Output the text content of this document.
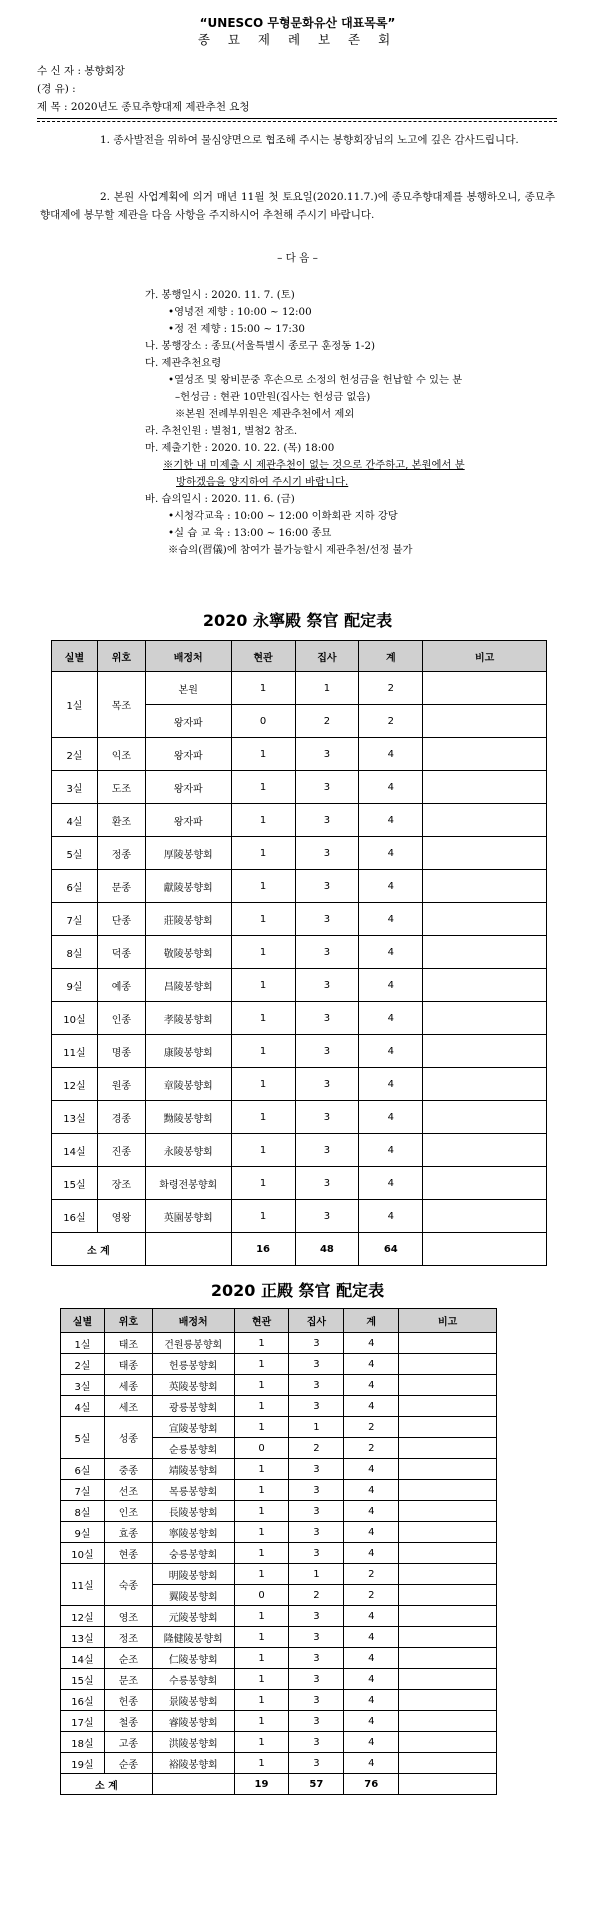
“UNESCO 무형문화유산 대표목록”
종 묘 제 례 보 존 회
수 신 자 : 봉향회장
(경 유) :
제 목 : 2020년도 종묘추향대제 제관추천 요청
1. 종사발전을 위하여 물심양면으로 협조해 주시는 봉향회장님의 노고에 깊은 감사드립니다.
2. 본원 사업계획에 의거 매년 11월 첫 토요일(2020.11.7.)에 종묘추향대제를 봉행하오니, 종묘추향대제에 봉무할 제관을 다음 사항을 주지하시어 추천해 주시기 바랍니다.
– 다 음 –
가. 봉행일시 : 2020. 11. 7. (토)
•영녕전 제향 : 10:00 ~ 12:00
•정 전 제향 : 15:00 ~ 17:30
나. 봉행장소 : 종묘(서울특별시 종로구 훈정동 1-2)
다. 제관추천요령
•열성조 및 왕비문중 후손으로 소정의 헌성금을 헌납할 수 있는 분
–헌성금 : 현관 10만원(집사는 헌성금 없음)
※본원 전례부위원은 제관추천에서 제외
라. 추천인원 : 별첨1, 별첨2 참조.
마. 제출기한 : 2020. 10. 22. (목) 18:00
※기한 내 미제출 시 제관추천이 없는 것으로 간주하고, 본원에서 분
방하겠음을 양지하여 주시기 바랍니다.
바. 습의일시 : 2020. 11. 6. (금)
•시청각교육 : 10:00 ~ 12:00 이화회관 지하 강당
•실 습 교 육 : 13:00 ~ 16:00 종묘
※습의(習儀)에 참여가 불가능할시 제관추천/선정 불가
2020 永寧殿 祭官 配定表
실별	위호	배정처	현관	집사	계	비고
1실	목조	본원	1	1	2	
		왕자파	0	2	2	
2실	익조	왕자파	1	3	4	
3실	도조	왕자파	1	3	4	
4실	환조	왕자파	1	3	4	
5실	정종	厚陵봉향회	1	3	4	
6실	문종	獻陵봉향회	1	3	4	
7실	단종	莊陵봉향회	1	3	4	
8실	덕종	敬陵봉향회	1	3	4	
9실	예종	昌陵봉향회	1	3	4	
10실	인종	孝陵봉향회	1	3	4	
11실	명종	康陵봉향회	1	3	4	
12실	원종	章陵봉향회	1	3	4	
13실	경종	黝陵봉향회	1	3	4	
14실	진종	永陵봉향회	1	3	4	
15실	장조	화령전봉향회	1	3	4	
16실	영왕	英園봉향회	1	3	4	
소 계			16	48	64	
2020 正殿 祭官 配定表
실별	위호	배정처	현관	집사	계	비고
1실	태조	건원릉봉향회	1	3	4	
2실	태종	헌릉봉향회	1	3	4	
3실	세종	英陵봉향회	1	3	4	
4실	세조	광릉봉향회	1	3	4	
5실	성종	宣陵봉향회	1	1	2	
		순릉봉향회	0	2	2	
6실	중종	靖陵봉향회	1	3	4	
7실	선조	목릉봉향회	1	3	4	
8실	인조	長陵봉향회	1	3	4	
9실	효종	寧陵봉향회	1	3	4	
10실	현종	숭릉봉향회	1	3	4	
11실	숙종	明陵봉향회	1	1	2	
		翼陵봉향회	0	2	2	
12실	영조	元陵봉향회	1	3	4	
13실	정조	隆健陵봉향회	1	3	4	
14실	순조	仁陵봉향회	1	3	4	
15실	문조	수릉봉향회	1	3	4	
16실	헌종	景陵봉향회	1	3	4	
17실	철종	睿陵봉향회	1	3	4	
18실	고종	洪陵봉향회	1	3	4	
19실	순종	裕陵봉향회	1	3	4	
소 계			19	57	76	
